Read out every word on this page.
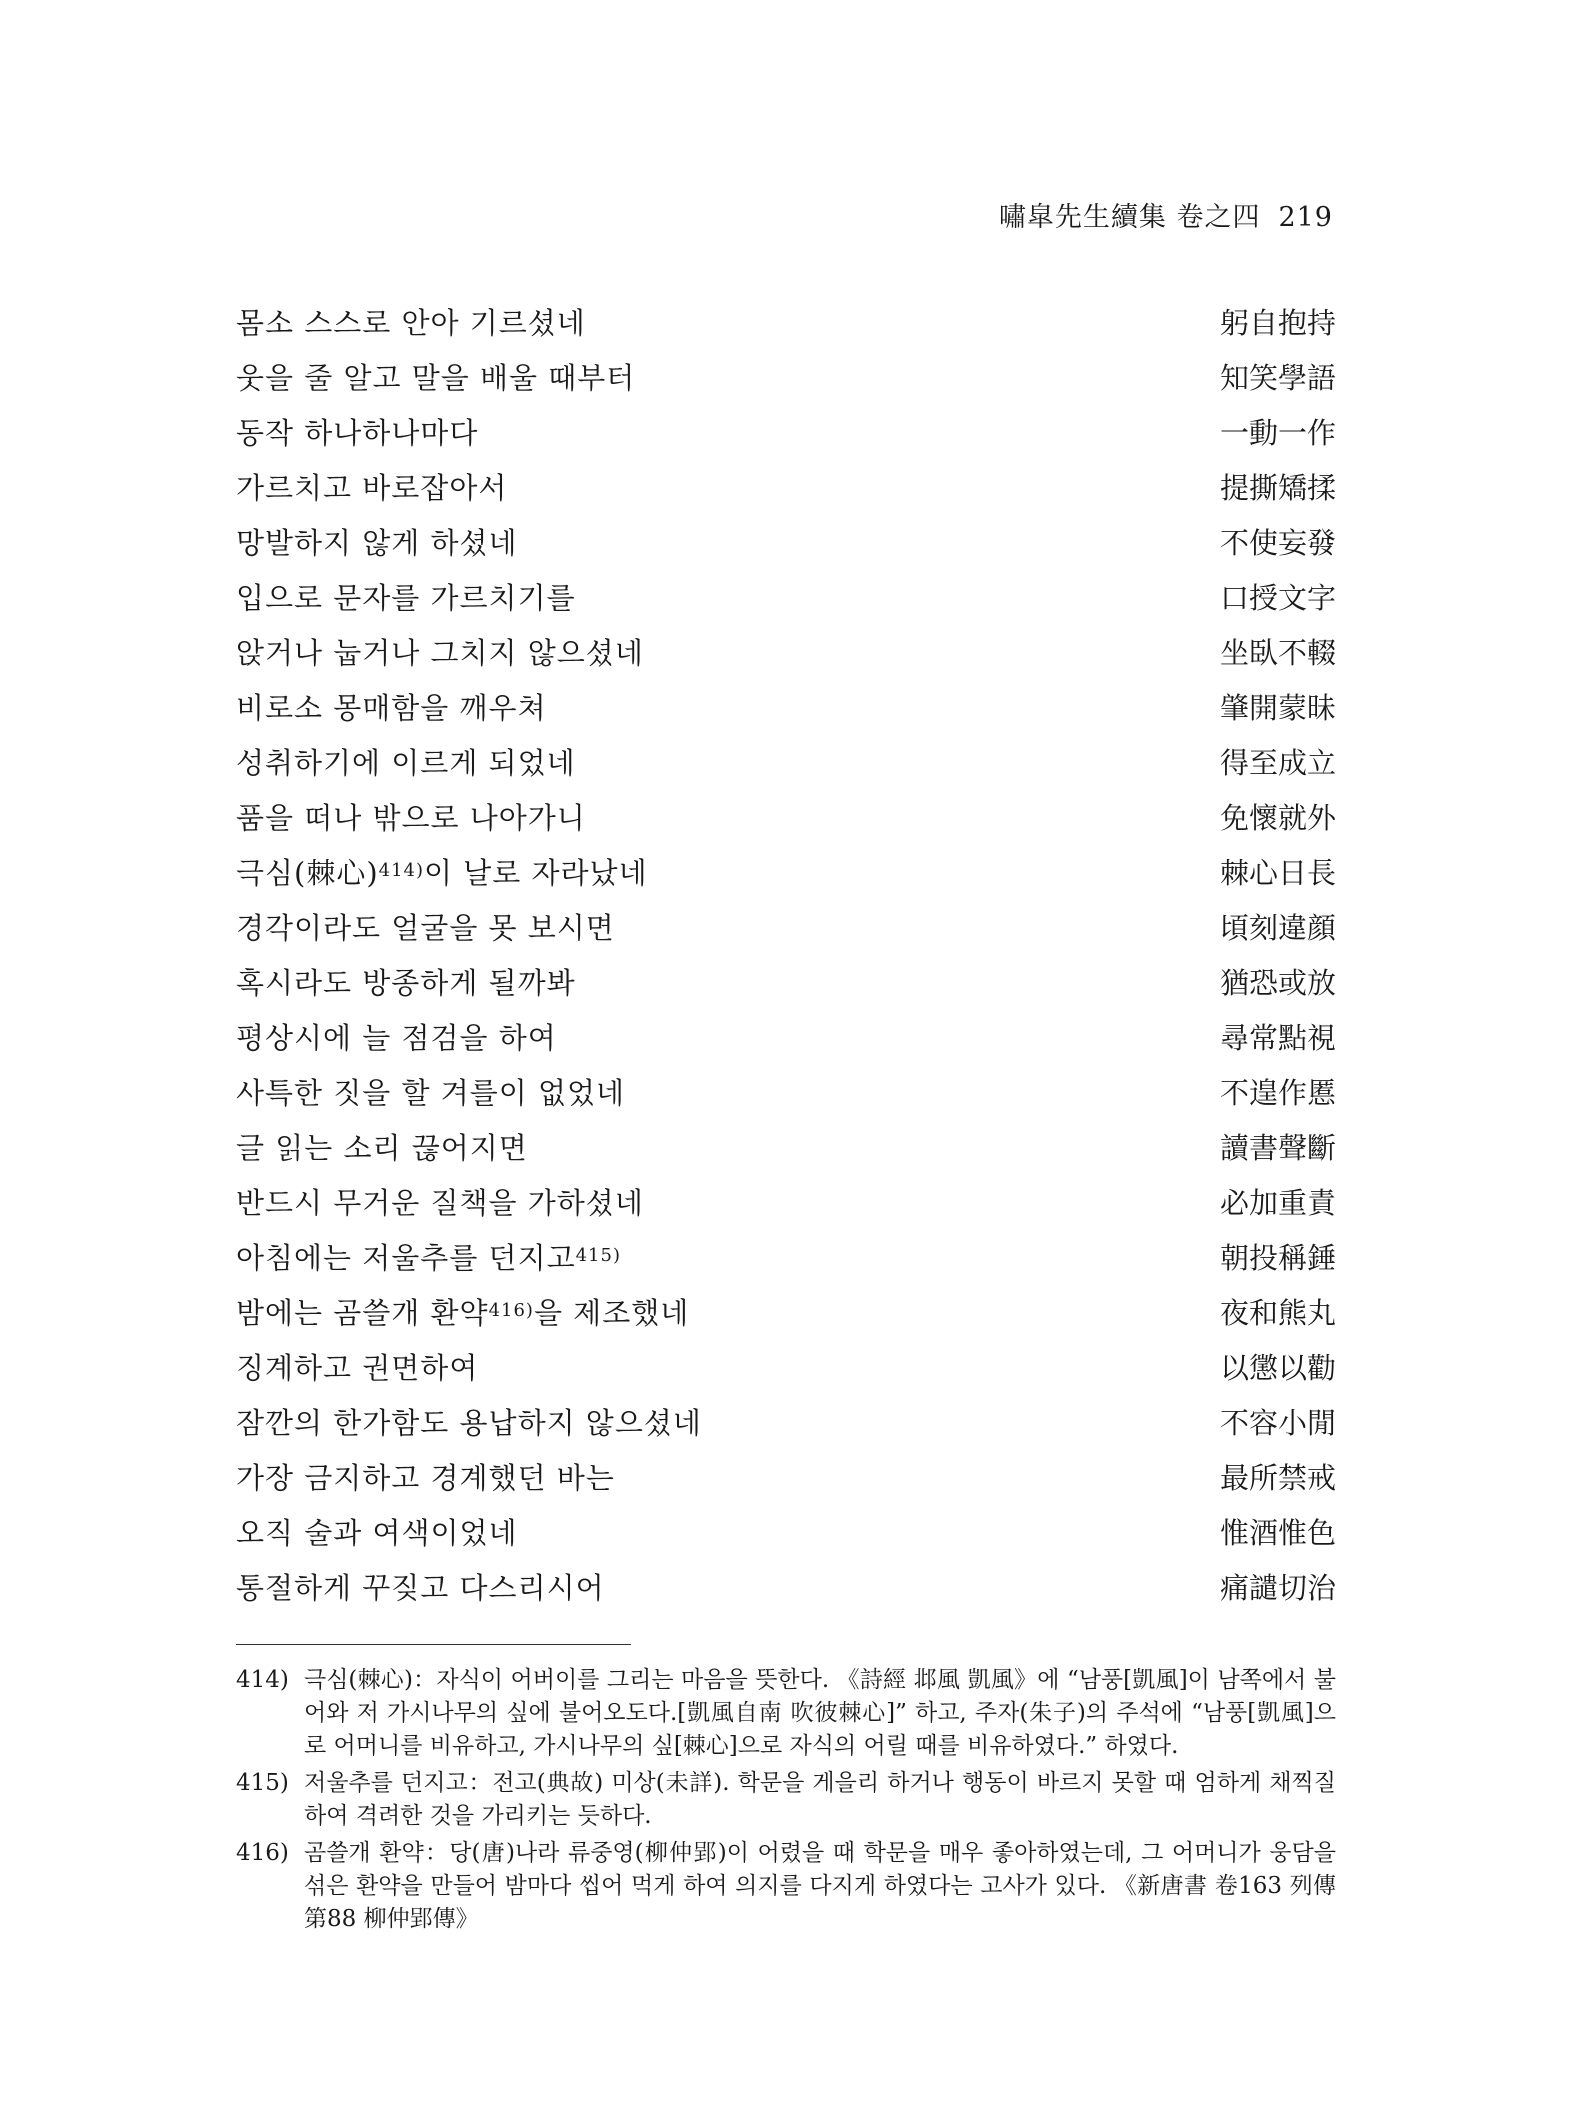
嘯皐先生續集 卷之四 219
몸소 스스로 안아 기르셨네	躬自抱持
웃을 줄 알고 말을 배울 때부터	知笑學語
동작 하나하나마다	一動一作
가르치고 바로잡아서	提撕矯揉
망발하지 않게 하셨네	不使妄發
입으로 문자를 가르치기를	口授文字
앉거나 눕거나 그치지 않으셨네	坐臥不輟
비로소 몽매함을 깨우쳐	肇開蒙昧
성취하기에 이르게 되었네	得至成立
품을 떠나 밖으로 나아가니	免懷就外
극심(棘心)$^{414)}$이 날로 자라났네	棘心日長
경각이라도 얼굴을 못 보시면	頃刻違顔
혹시라도 방종하게 될까봐	猶恐或放
평상시에 늘 점검을 하여	尋常點視
사특한 짓을 할 겨를이 없었네	不遑作慝
글 읽는 소리 끊어지면	讀書聲斷
반드시 무거운 질책을 가하셨네	必加重責
아침에는 저울추를 던지고$^{415)}$	朝投稱錘
밤에는 곰쓸개 환약$^{416)}$을 제조했네	夜和熊丸
징계하고 권면하여	以懲以勸
잠깐의 한가함도 용납하지 않으셨네	不容小閒
가장 금지하고 경계했던 바는	最所禁戒
오직 술과 여색이었네	惟酒惟色
통절하게 꾸짖고 다스리시어	痛譴切治
414) 극심(棘心)：자식이 어버이를 그리는 마음을 뜻한다. 《詩經 邶風 凱風》에 “남풍[凱風]이 남쪽에서 불어와 저 가시나무의 싶에 불어오도다.[凱風自南 吹彼棘心]” 하고, 주자(朱子)의 주석에 “남풍[凱風]으로 어머니를 비유하고, 가시나무의 싶[棘心]으로 자식의 어릴 때를 비유하였다.” 하였다.
415) 저울추를 던지고：전고(典故) 미상(未詳). 학문을 게을리 하거나 행동이 바르지 못할 때 엄하게 채찍질하여 격려한 것을 가리키는 듯하다.
416) 곰쓸개 환약：당(唐)나라 류중영(柳仲郢)이 어렸을 때 학문을 매우 좋아하였는데, 그 어머니가 웅담을 섞은 환약을 만들어 밤마다 씹어 먹게 하여 의지를 다지게 하였다는 고사가 있다. 《新唐書 卷163 列傳 第88 柳仲郢傳》
